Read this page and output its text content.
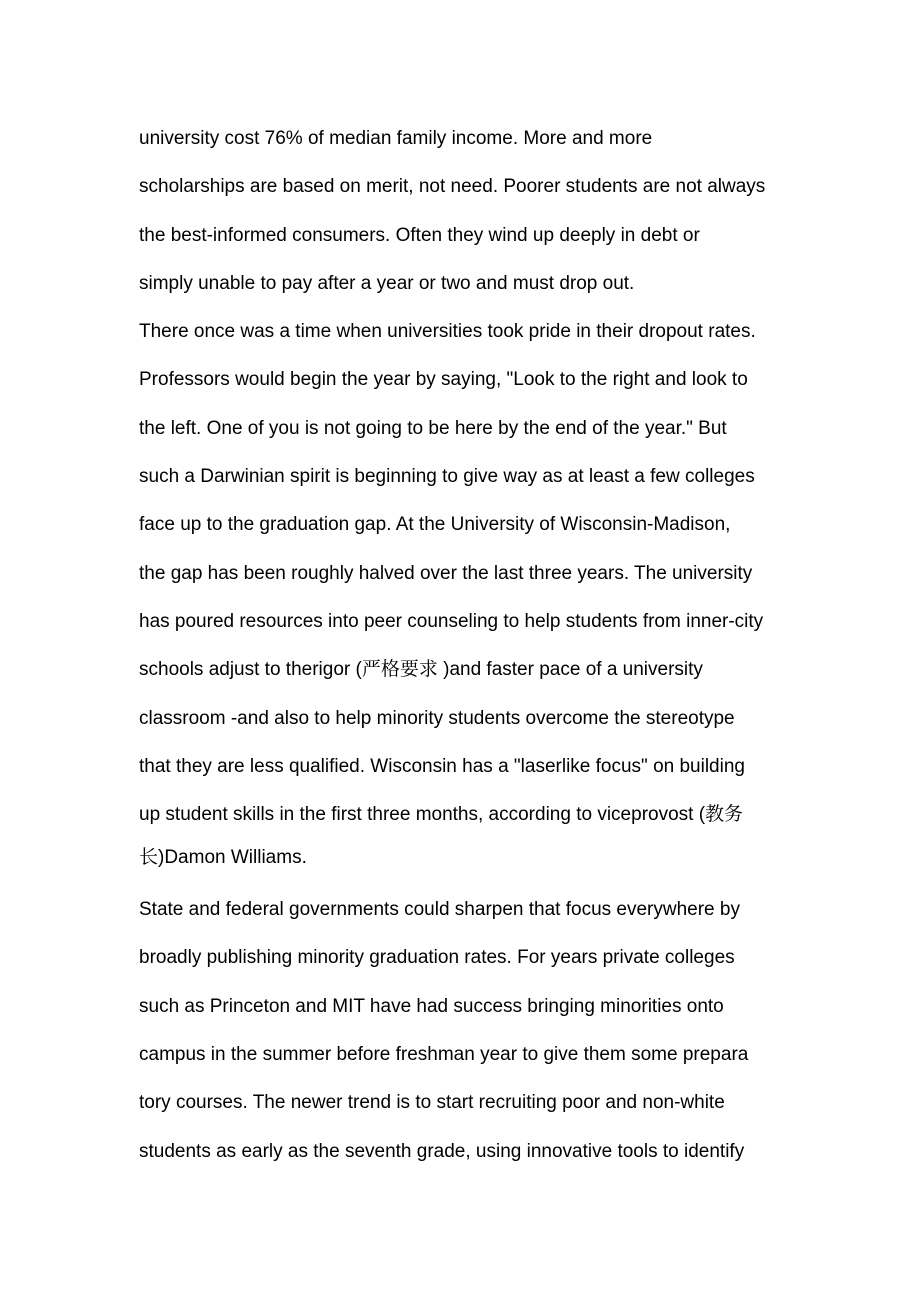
university cost 76% of median family income. More and more
scholarships are based on merit, not need. Poorer students are not always
the best-informed consumers. Often they wind up deeply in debt or
simply unable to pay after a year or two and must drop out.
There once was a time when universities took pride in their dropout rates.
Professors would begin the year by saying, "Look to the right and look to
the left. One of you is not going to be here by the end of the year." But
such a Darwinian spirit is beginning to give way as at least a few colleges
face up to the graduation gap. At the University of Wisconsin-Madison,
the gap has been roughly halved over the last three years. The university
has poured resources into peer counseling to help students from inner-city
schools adjust to therigor (严格要求 )and faster pace of a university
classroom -and also to help minority students overcome the stereotype
that they are less qualified. Wisconsin has a "laserlike focus" on building
up student skills in the first three months, according to viceprovost (教务
长)Damon Williams.
State and federal governments could sharpen that focus everywhere by
broadly publishing minority graduation rates. For years private colleges
such as Princeton and MIT have had success bringing minorities onto
campus in the summer before freshman year to give them some prepara
tory courses. The newer trend is to start recruiting poor and non-white
students as early as the seventh grade, using innovative tools to identify
